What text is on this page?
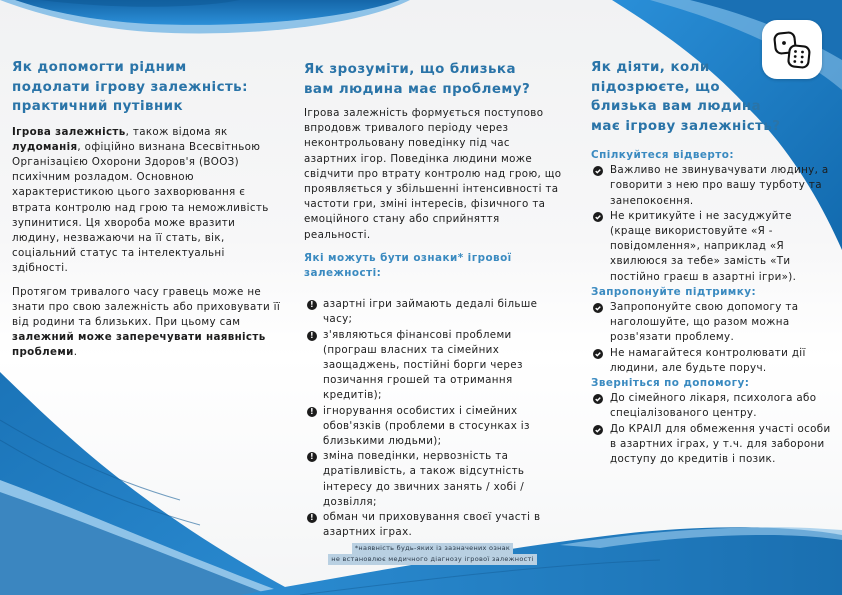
Як допомогти рідним
подолати ігрову залежність:
практичний путівник

Ігрова залежність, також відома як лудоманія, офіційно визнана Всесвітньою Організацією Охорони Здоров'я (ВООЗ) психічним розладом. Основною характеристикою цього захворювання є втрата контролю над грою та неможливість зупинитися. Ця хвороба може вразити людину, незважаючи на її стать, вік, соціальний статус та інтелектуальні здібності.

Протягом тривалого часу гравець може не знати про свою залежність або приховувати її від родини та близьких. При цьому сам залежний може заперечувати наявність проблеми.

Як зрозуміти, що близька
вам людина має проблему?

Ігрова залежність формується поступово впродовж тривалого періоду через неконтрольовану поведінку під час азартних ігор. Поведінка людини може свідчити про втрату контролю над грою, що проявляється у збільшенні інтенсивності та частоти гри, зміні інтересів, фізичного та емоційного стану або сприйняття реальності.

Які можуть бути ознаки* ігрової залежності:
! азартні ігри займають дедалі більше часу;
! з'являються фінансові проблеми (програш власних та сімейних заощаджень, постійні борги через позичання грошей та отримання кредитів);
! ігнорування особистих і сімейних обов'язків (проблеми в стосунках із близькими людьми);
! зміна поведінки, нервозність та дратівливість, а також відсутність інтересу до звичних занять / хобі / дозвілля;
! обман чи приховування своєї участі в азартних іграх.
*наявність будь-яких із зазначених ознак
не встановлює медичного діагнозу ігрової залежності
Як діяти, коли
підозрюєте, що
близька вам людина
має ігрову залежність?
Спілкуйтеся відверто:
Важливо не звинувачувати людину, а говорити з нею про вашу турботу та занепокоєння.
Не критикуйте і не засуджуйте (краще використовуйте «Я - повідомлення», наприклад «Я хвилююся за тебе» замість «Ти постійно граєш в азартні ігри»).
Запропонуйте підтримку:
Запропонуйте свою допомогу та наголошуйте, що разом можна розв'язати проблему.
Не намагайтеся контролювати дії людини, але будьте поруч.
Зверніться по допомогу:
До сімейного лікаря, психолога або спеціалізованого центру.
До КРАІЛ для обмеження участі особи в азартних іграх, у т.ч. для заборони доступу до кредитів і позик.
